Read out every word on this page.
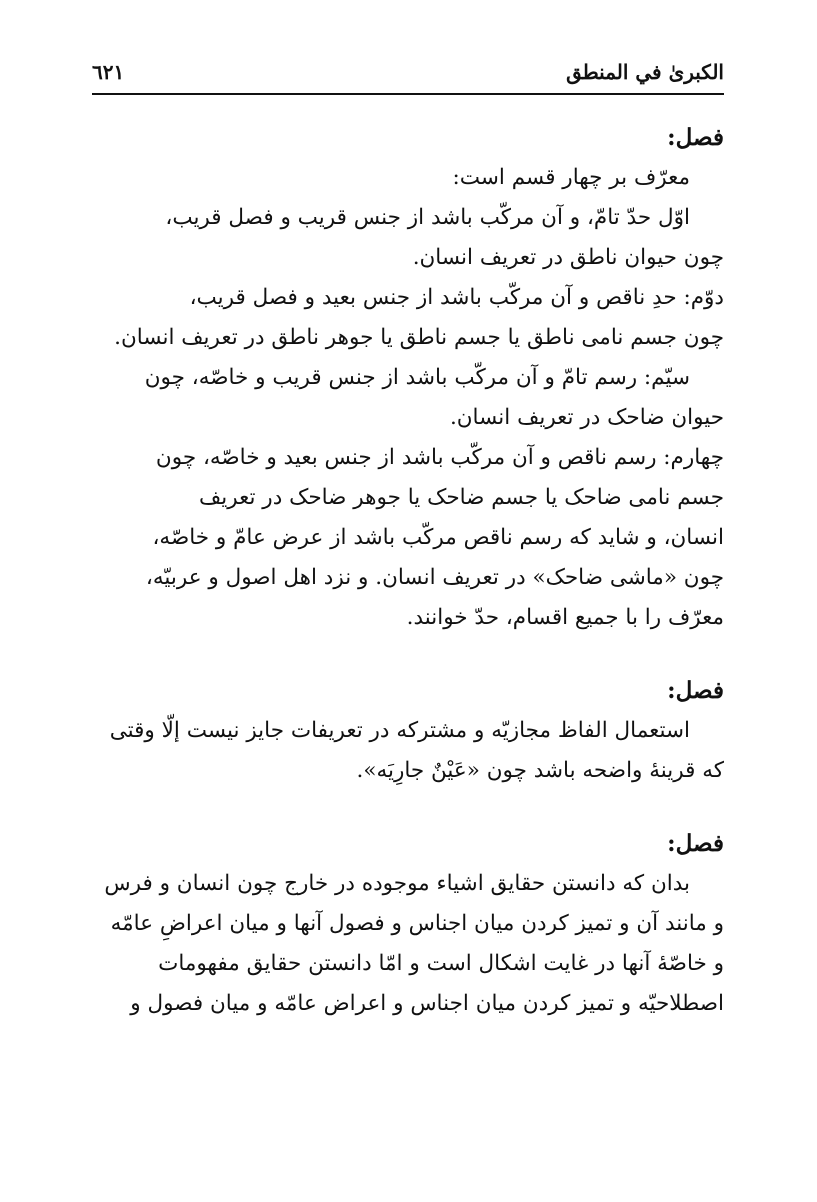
٦٢١	الكبرىٰ في المنطق
فصل:
معرّف بر چهار قسم است:
اوّل حدّ تامّ، و آن مركّب باشد از جنس قريب و فصل قريب،
چون حيوان ناطق در تعريف انسان.
دوّم: حدِ ناقص و آن مركّب باشد از جنس بعيد و فصل قريب،
چون جسم نامى ناطق يا جسم ناطق يا جوهر ناطق در تعريف انسان.
سيّم: رسم تامّ و آن مركّب باشد از جنس قريب و خاصّه، چون
حيوان ضاحک در تعريف انسان.
چهارم: رسم ناقص و آن مركّب باشد از جنس بعيد و خاصّه، چون
جسم نامى ضاحک يا جسم ضاحک يا جوهر ضاحک در تعريف
انسان، و شايد كه رسم ناقص مركّب باشد از عرض عامّ و خاصّه،
چون «ماشى ضاحک» در تعريف انسان. و نزد اهل اصول و عربيّه،
معرّف را با جميع اقسام، حدّ خوانند.
فصل:
استعمال الفاظ مجازيّه و مشتركه در تعريفات جايز نيست إلّا وقتى
كه قرينۀ واضحه باشد چون «عَيْنٌ جارِيَه».
فصل:
بدان كه دانستن حقايق اشياء موجوده در خارج چون انسان و فرس
و مانند آن و تميز كردن ميان اجناس و فصول آنها و ميان اعراضِ عامّه
و خاصّۀ آنها در غايت اشكال است و امّا دانستن حقايق مفهومات
اصطلاحيّه و تميز كردن ميان اجناس و اعراض عامّه و ميان فصول و
